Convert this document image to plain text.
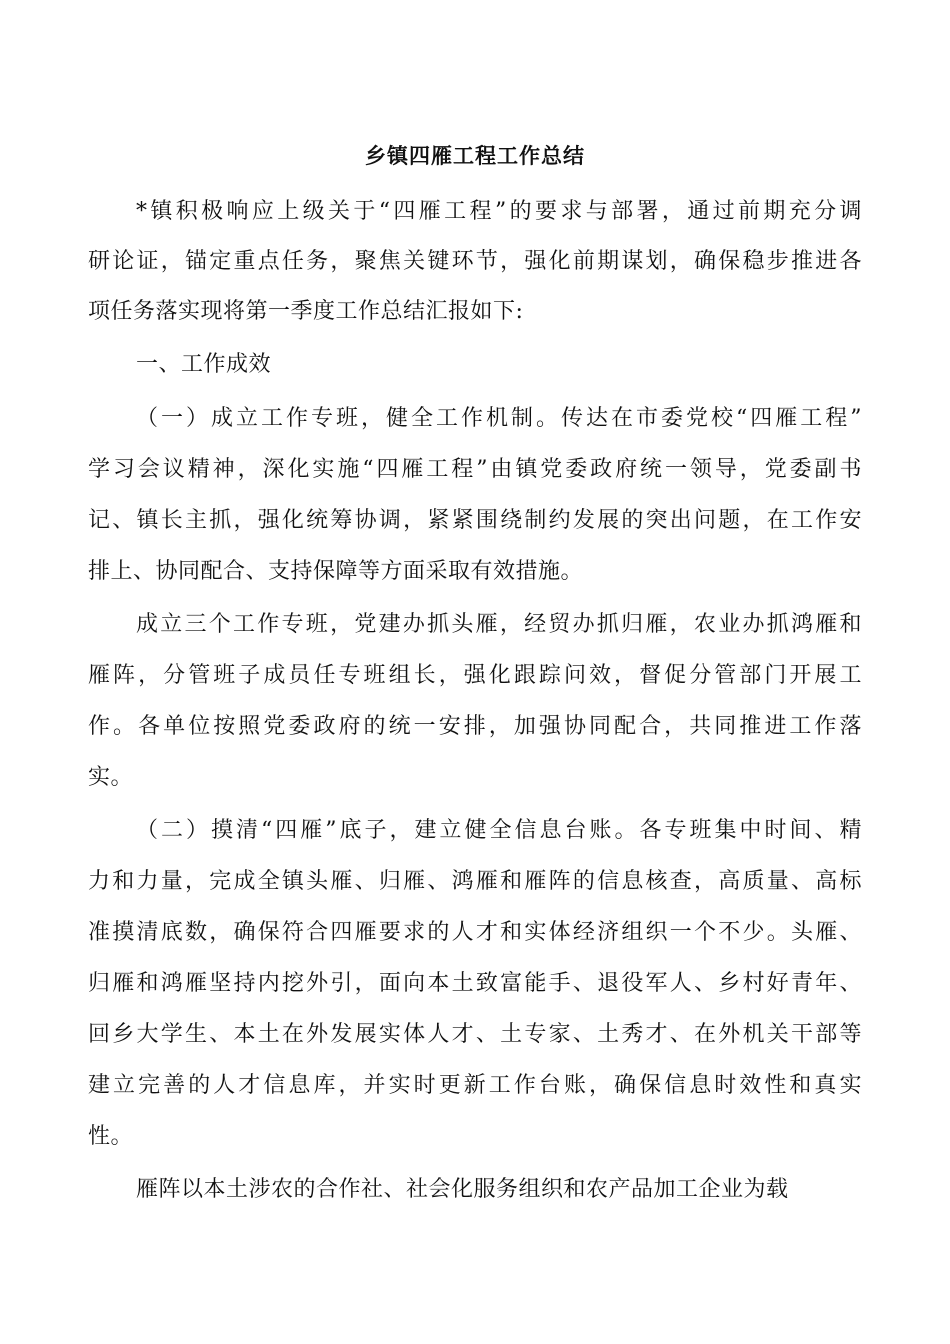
乡镇四雁工程工作总结
*镇积极响应上级关于“四雁工程”的要求与部署，通过前期充分调
研论证，锚定重点任务，聚焦关键环节，强化前期谋划，确保稳步推进各
项任务落实现将第一季度工作总结汇报如下:
一、工作成效
（一）成立工作专班，健全工作机制。传达在市委党校“四雁工程”
学习会议精神，深化实施“四雁工程”由镇党委政府统一领导，党委副书
记、镇长主抓，强化统筹协调，紧紧围绕制约发展的突出问题，在工作安
排上、协同配合、支持保障等方面采取有效措施。
成立三个工作专班，党建办抓头雁，经贸办抓归雁，农业办抓鸿雁和
雁阵，分管班子成员任专班组长，强化跟踪问效，督促分管部门开展工
作。各单位按照党委政府的统一安排，加强协同配合，共同推进工作落
实。
（二）摸清“四雁”底子，建立健全信息台账。各专班集中时间、精
力和力量，完成全镇头雁、归雁、鸿雁和雁阵的信息核查，高质量、高标
准摸清底数，确保符合四雁要求的人才和实体经济组织一个不少。头雁、
归雁和鸿雁坚持内挖外引，面向本土致富能手、退役军人、乡村好青年、
回乡大学生、本土在外发展实体人才、土专家、土秀才、在外机关干部等
建立完善的人才信息库，并实时更新工作台账，确保信息时效性和真实
性。
雁阵以本土涉农的合作社、社会化服务组织和农产品加工企业为载
